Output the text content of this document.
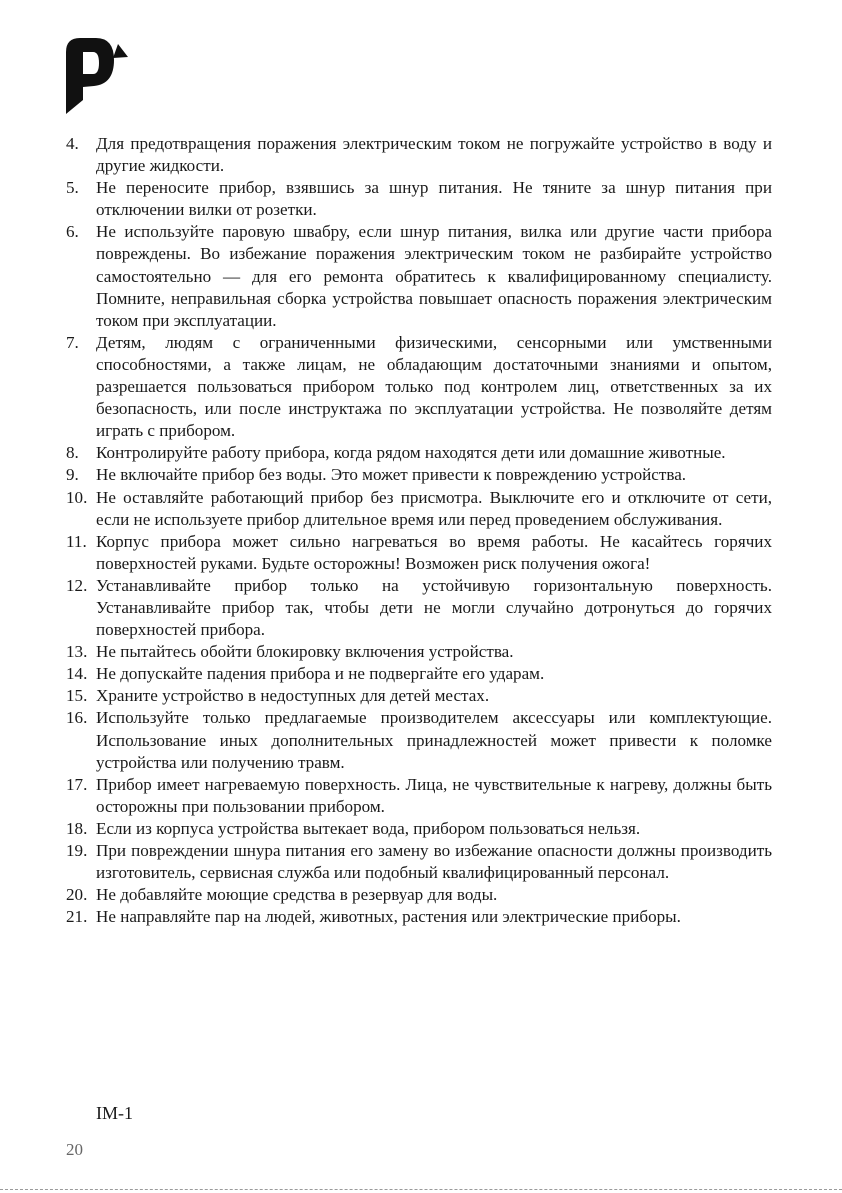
4. Для предотвращения поражения электрическим током не погружайте устройство в воду и другие жидкости.
5. Не переносите прибор, взявшись за шнур питания. Не тяните за шнур питания при отключении вилки от розетки.
6. Не используйте паровую швабру, если шнур питания, вилка или другие части прибора повреждены. Во избежание поражения электрическим током не разбирайте устройство самостоятельно — для его ремонта обратитесь к квалифицированному специалисту. Помните, неправильная сборка устройства повышает опасность поражения электрическим током при эксплуатации.
7. Детям, людям с ограниченными физическими, сенсорными или умственными способностями, а также лицам, не обладающим достаточными знаниями и опытом, разрешается пользоваться прибором только под контролем лиц, ответственных за их безопасность, или после инструктажа по эксплуатации устройства. Не позволяйте детям играть с прибором.
8. Контролируйте работу прибора, когда рядом находятся дети или домашние животные.
9. Не включайте прибор без воды. Это может привести к повреждению устройства.
10. Не оставляйте работающий прибор без присмотра. Выключите его и отключите от сети, если не используете прибор длительное время или перед проведением обслуживания.
11. Корпус прибора может сильно нагреваться во время работы. Не касайтесь горячих поверхностей руками. Будьте осторожны! Возможен риск получения ожога!
12. Устанавливайте прибор только на устойчивую горизонтальную поверхность. Устанавливайте прибор так, чтобы дети не могли случайно дотронуться до горячих поверхностей прибора.
13. Не пытайтесь обойти блокировку включения устройства.
14. Не допускайте падения прибора и не подвергайте его ударам.
15. Храните устройство в недоступных для детей местах.
16. Используйте только предлагаемые производителем аксессуары или комплектующие. Использование иных дополнительных принадлежностей может привести к поломке устройства или получению травм.
17. Прибор имеет нагреваемую поверхность. Лица, не чувствительные к нагреву, должны быть осторожны при пользовании прибором.
18. Если из корпуса устройства вытекает вода, прибором пользоваться нельзя.
19. При повреждении шнура питания его замену во избежание опасности должны производить изготовитель, сервисная служба или подобный квалифицированный персонал.
20. Не добавляйте моющие средства в резервуар для воды.
21. Не направляйте пар на людей, животных, растения или электрические приборы.
IM-1
20
